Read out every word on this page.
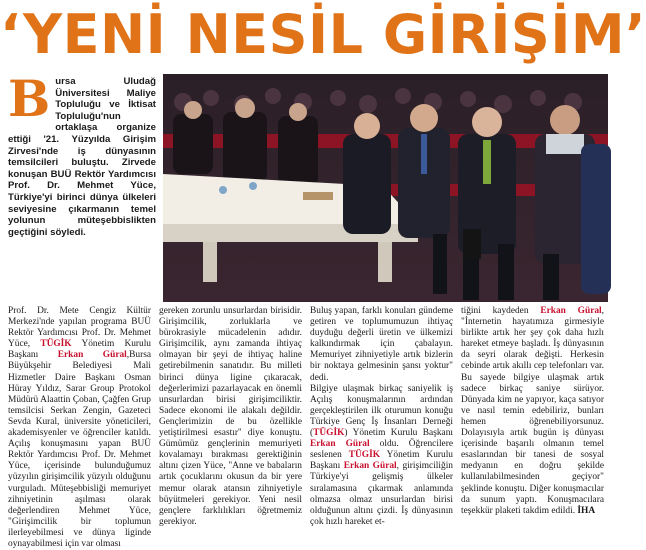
‘YENİ NESİL GİRİŞİM’
Bursa Uludağ Üniversitesi Maliye Topluluğu ve İktisat Topluluğu'nun ortaklaşa organize ettiği '21. Yüzyılda Girişim Zirvesi'nde iş dünyasının temsilcileri buluştu. Zirvede konuşan BUÜ Rektör Yardımcısı Prof. Dr. Mehmet Yüce, Türkiye'yi birinci dünya ülkeleri seviyesine çıkarmanın temel yolunun müteşebbislikten geçtiğini söyledi.
Prof. Dr. Mete Cengiz Kültür Merkezi'nde yapılan programa BUÜ Rektör Yardımcısı Prof. Dr. Mehmet Yüce, TÜGİK Yönetim Kurulu Başkanı Erkan Güral,Bursa Büyükşehir Belediyesi Mali Hizmetler Daire Başkanı Osman Hüray Yıldız, Sarar Group Protokol Müdürü Alaattin Çoban, Çağfen Grup temsilcisi Serkan Zengin, Gazeteci Sevda Kural, üniversite yöneticileri, akademisyenler ve öğrenciler katıldı. Açılış konuşmasını yapan BUÜ Rektör Yardımcısı Prof. Dr. Mehmet Yüce, içerisinde bulunduğumuz yüzyılın girişimcilik yüzyılı olduğunu vurguladı. Müteşebbisliği memuriyet zihniyetinin aşılması olarak değerlendiren Mehmet Yüce, "Girişimcilik bir toplumun ilerleyebilmesi ve dünya liginde oynayabilmesi için var olması
gereken zorunlu unsurlardan birisidir. Girişimcilik, zorluklarla ve bürokrasiyle mücadelenin adıdır. Girişimcilik, aynı zamanda ihtiyaç olmayan bir şeyi de ihtiyaç haline getirebilmenin sanatıdır. Bu milleti birinci dünya ligine çıkaracak, değerlerimizi pazarlayacak en önemli unsurlardan birisi girişimciliktir. Sadece ekonomi ile alakalı değildir. Gençlerimizin de bu özellikle yetiştirilmesi esastır" diye konuştu. Gümümüz gençlerinin memuriyeti kovalamayı bırakması gerektiğinin altını çizen Yüce, "Anne ve babaların artık çocuklarını okusun da bir yere memur olarak atansın zihniyetiyle büyütmeleri gerekiyor. Yeni nesil gençlere farklılıkları öğretmemiz gerekiyor.
Buluş yapan, farklı konuları gündeme getiren ve toplumumuzun ihtiyaç duyduğu değerli üretin ve ülkemizi kalkındırmak için çabalayın. Memuriyet zihniyetiyle artık bizlerin bir noktaya gelmesinin şansı yoktur" dedi.
Bilgiye ulaşmak birkaç saniyelik iş Açılış konuşmalarının ardından gerçekleştirilen ilk oturumun konuğu Türkiye Genç İş İnsanları Derneği (TÜGİK) Yönetim Kurulu Başkanı Erkan Güral oldu. Öğrencilere seslenen TÜGİK Yönetim Kurulu Başkanı Erkan Güral, girişimciliğin Türkiye'yi gelişmiş ülkeler sıralamasına çıkarmak anlamında olmazsa olmaz unsurlardan birisi olduğunun altını çizdi. İş dünyasının çok hızlı hareket et-
tiğini kaydeden Erkan Güral, "İnternetin hayatımıza girmesiyle birlikte artık her şey çok daha hızlı hareket etmeye başladı. İş dünyasının da seyri olarak değişti. Herkesin cebinde artık akıllı cep telefonları var. Bu sayede bilgiye ulaşmak artık sadece birkaç saniye sürüyor. Dünyada kim ne yapıyor, kaça satıyor ve nasıl temin edebiliriz, bunları hemen öğrenebiliyorsunuz. Dolayısıyla artık bugün iş dünyası içerisinde başarılı olmanın temel esaslarından bir tanesi de sosyal medyanın en doğru şekilde kullanılabilmesinden geçiyor" şeklinde konuştu. Diğer konuşmacılar da sunum yaptı. Konuşmacılara teşekkür plaketi takdim edildi. İHA
